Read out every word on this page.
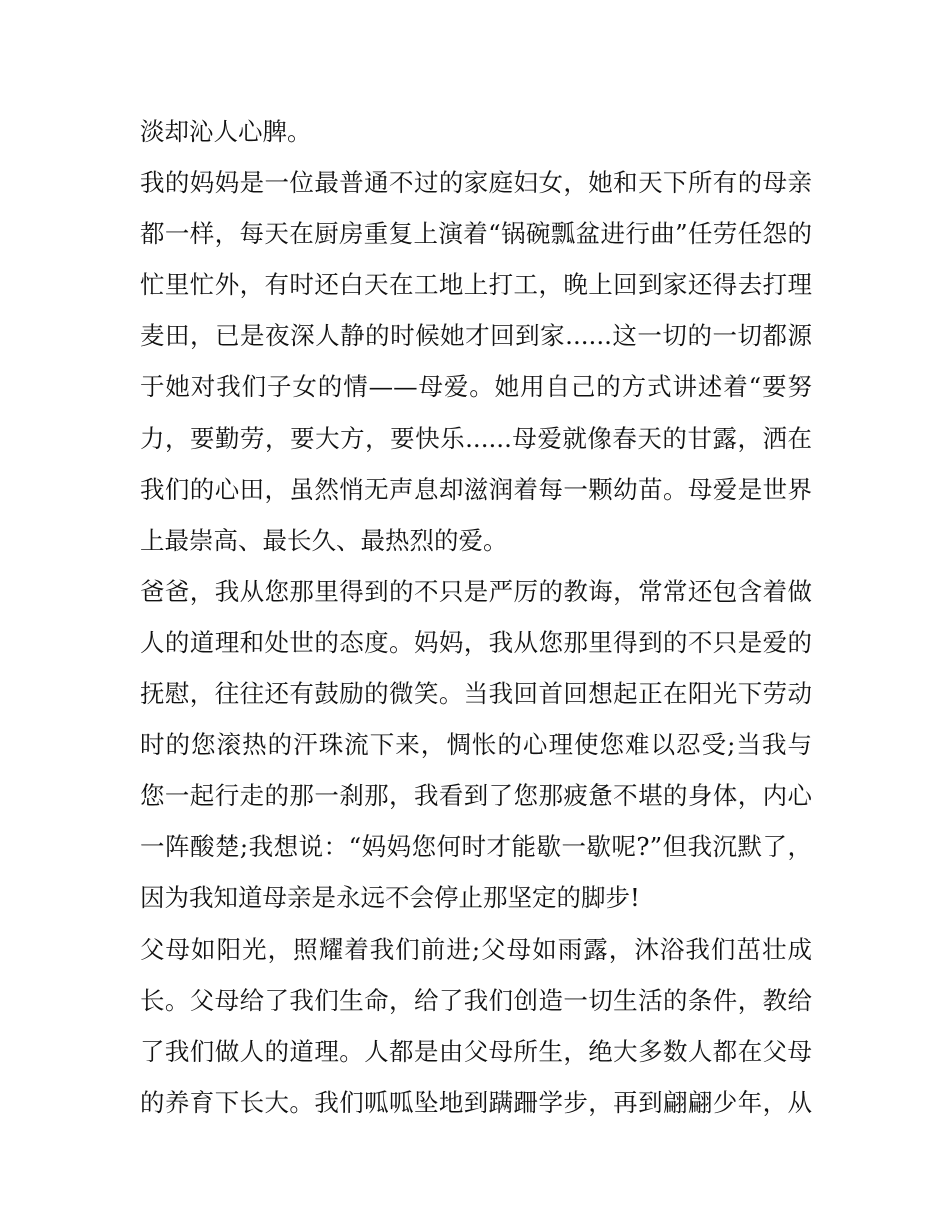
淡却沁人心脾。
我的妈妈是一位最普通不过的家庭妇女，她和天下所有的母亲
都一样，每天在厨房重复上演着“锅碗瓢盆进行曲”任劳任怨的
忙里忙外，有时还白天在工地上打工，晚上回到家还得去打理
麦田，已是夜深人静的时候她才回到家......这一切的一切都源
于她对我们子女的情——母爱。她用自己的方式讲述着“要努
力，要勤劳，要大方，要快乐......母爱就像春天的甘露，洒在
我们的心田，虽然悄无声息却滋润着每一颗幼苗。母爱是世界
上最崇高、最长久、最热烈的爱。
爸爸，我从您那里得到的不只是严厉的教诲，常常还包含着做
人的道理和处世的态度。妈妈，我从您那里得到的不只是爱的
抚慰，往往还有鼓励的微笑。当我回首回想起正在阳光下劳动
时的您滚热的汗珠流下来，惆怅的心理使您难以忍受;当我与
您一起行走的那一刹那，我看到了您那疲惫不堪的身体，内心
一阵酸楚;我想说：“妈妈您何时才能歇一歇呢?”但我沉默了，
因为我知道母亲是永远不会停止那坚定的脚步!
父母如阳光，照耀着我们前进;父母如雨露，沐浴我们茁壮成
长。父母给了我们生命，给了我们创造一切生活的条件，教给
了我们做人的道理。人都是由父母所生，绝大多数人都在父母
的养育下长大。我们呱呱坠地到蹒跚学步，再到翩翩少年，从
